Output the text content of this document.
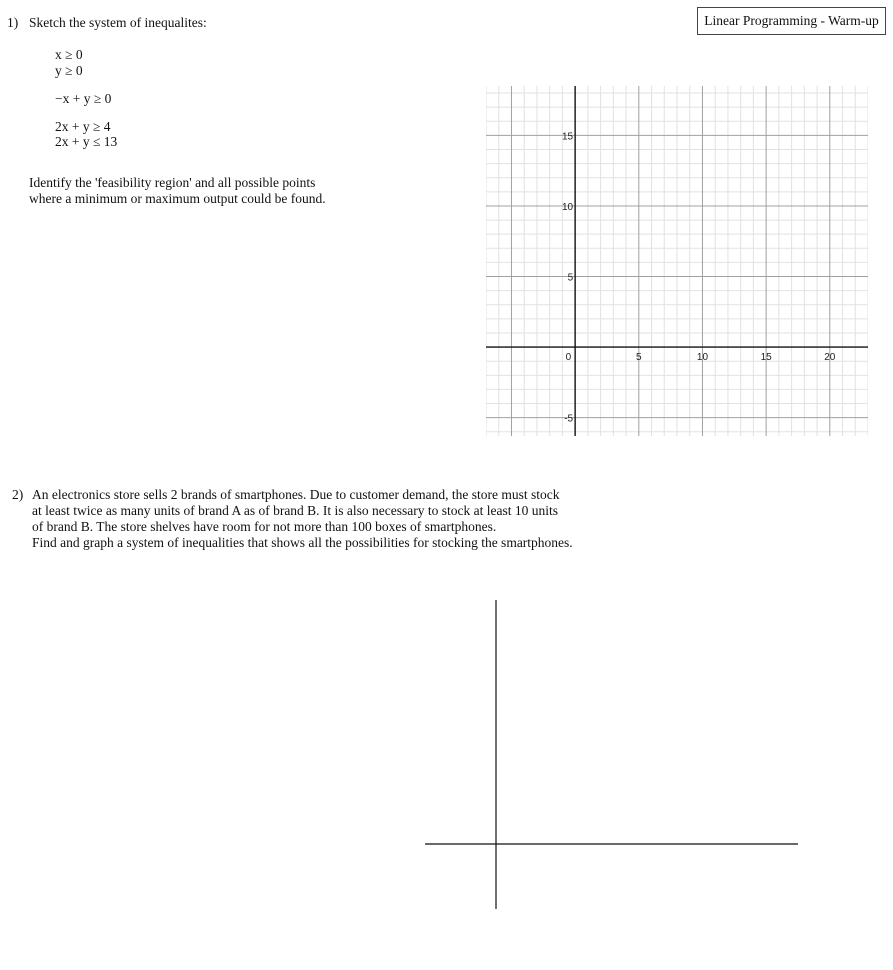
Linear Programming - Warm-up
1) Sketch the system of inequalites:
x ≥ 0
y ≥ 0
−x + y ≥ 0
2x + y ≥ 4
2x + y ≤ 13
Identify the 'feasibility region' and all possible points
where a minimum or maximum output could be found.
5	10	15	20
15
10
5
-5
0
2) An electronics store sells 2 brands of smartphones. Due to customer demand, the store must stock
at least twice as many units of brand A as of brand B. It is also necessary to stock at least 10 units
of brand B. The store shelves have room for not more than 100 boxes of smartphones.
Find and graph a system of inequalities that shows all the possibilities for stocking the smartphones.
